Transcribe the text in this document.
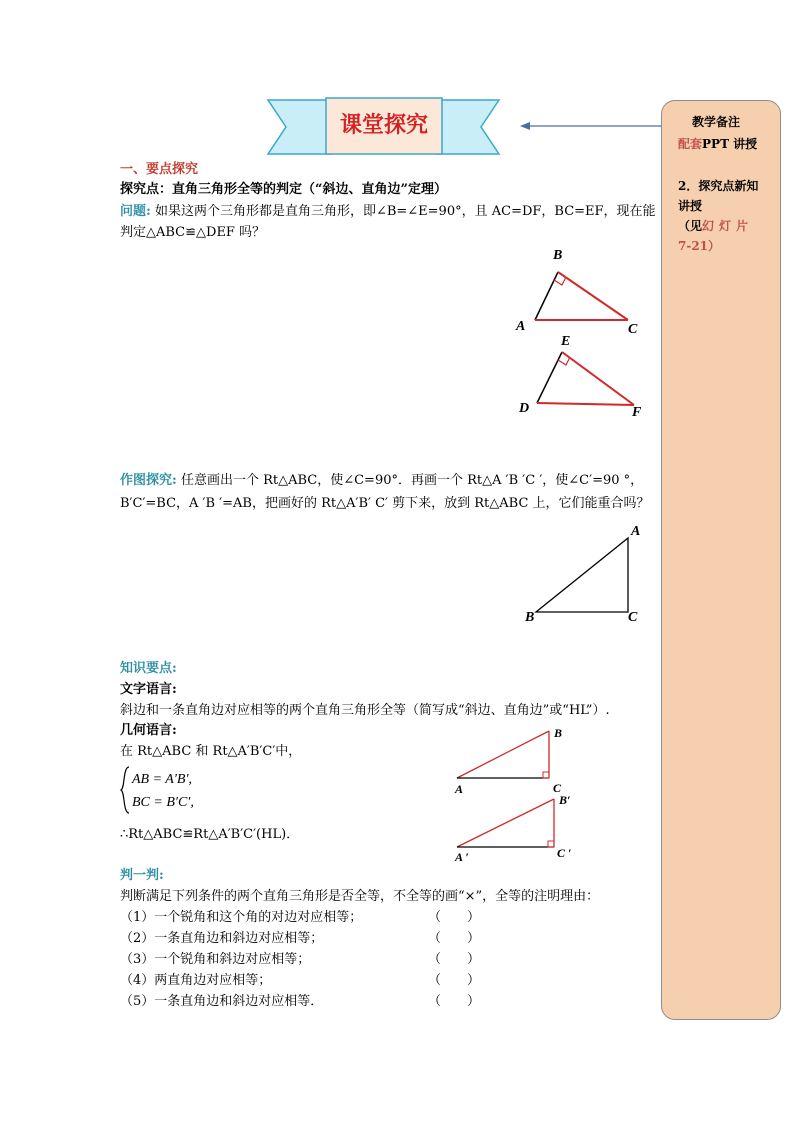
课堂探究	教学备注
配套PPT 讲授
2．探究点新知
讲授
（见幻灯片
7-21）
一、要点探究
探究点：直角三角形全等的判定（“斜边、直角边”定理）
问题: 如果这两个三角形都是直角三角形，即∠B=∠E=90°，且 AC=DF，BC=EF，现在能
判定△ABC≌△DEF 吗？
B
A	C
E
D	F
作图探究: 任意画出一个 Rt△ABC，使∠C=90°．再画一个 Rt△A ′B ′C ′，使∠C′=90 °，
B′C′=BC，A ′B ′=AB，把画好的 Rt△A′B′ C′ 剪下来，放到 Rt△ABC 上，它们能重合吗？
A
B	C
知识要点:
文字语言:
斜边和一条直角边对应相等的两个直角三角形全等（简写成“斜边、直角边”或“HL”）.
几何语言:
在 Rt△ABC 和 Rt△A′B′C′中，
AB = A′B′,
BC = B′C′,
∴Rt△ABC≌Rt△A′B′C′(HL)．
B
A	C
B′
A ′	C ′
判一判:
判断满足下列条件的两个直角三角形是否全等，不全等的画“×”，全等的注明理由：
（1）一个锐角和这个角的对边对应相等；	（　　）
（2）一条直角边和斜边对应相等；	（　　）
（3）一个锐角和斜边对应相等；	（　　）
（4）两直角边对应相等；	（　　）
（5）一条直角边和斜边对应相等．	（　　）
